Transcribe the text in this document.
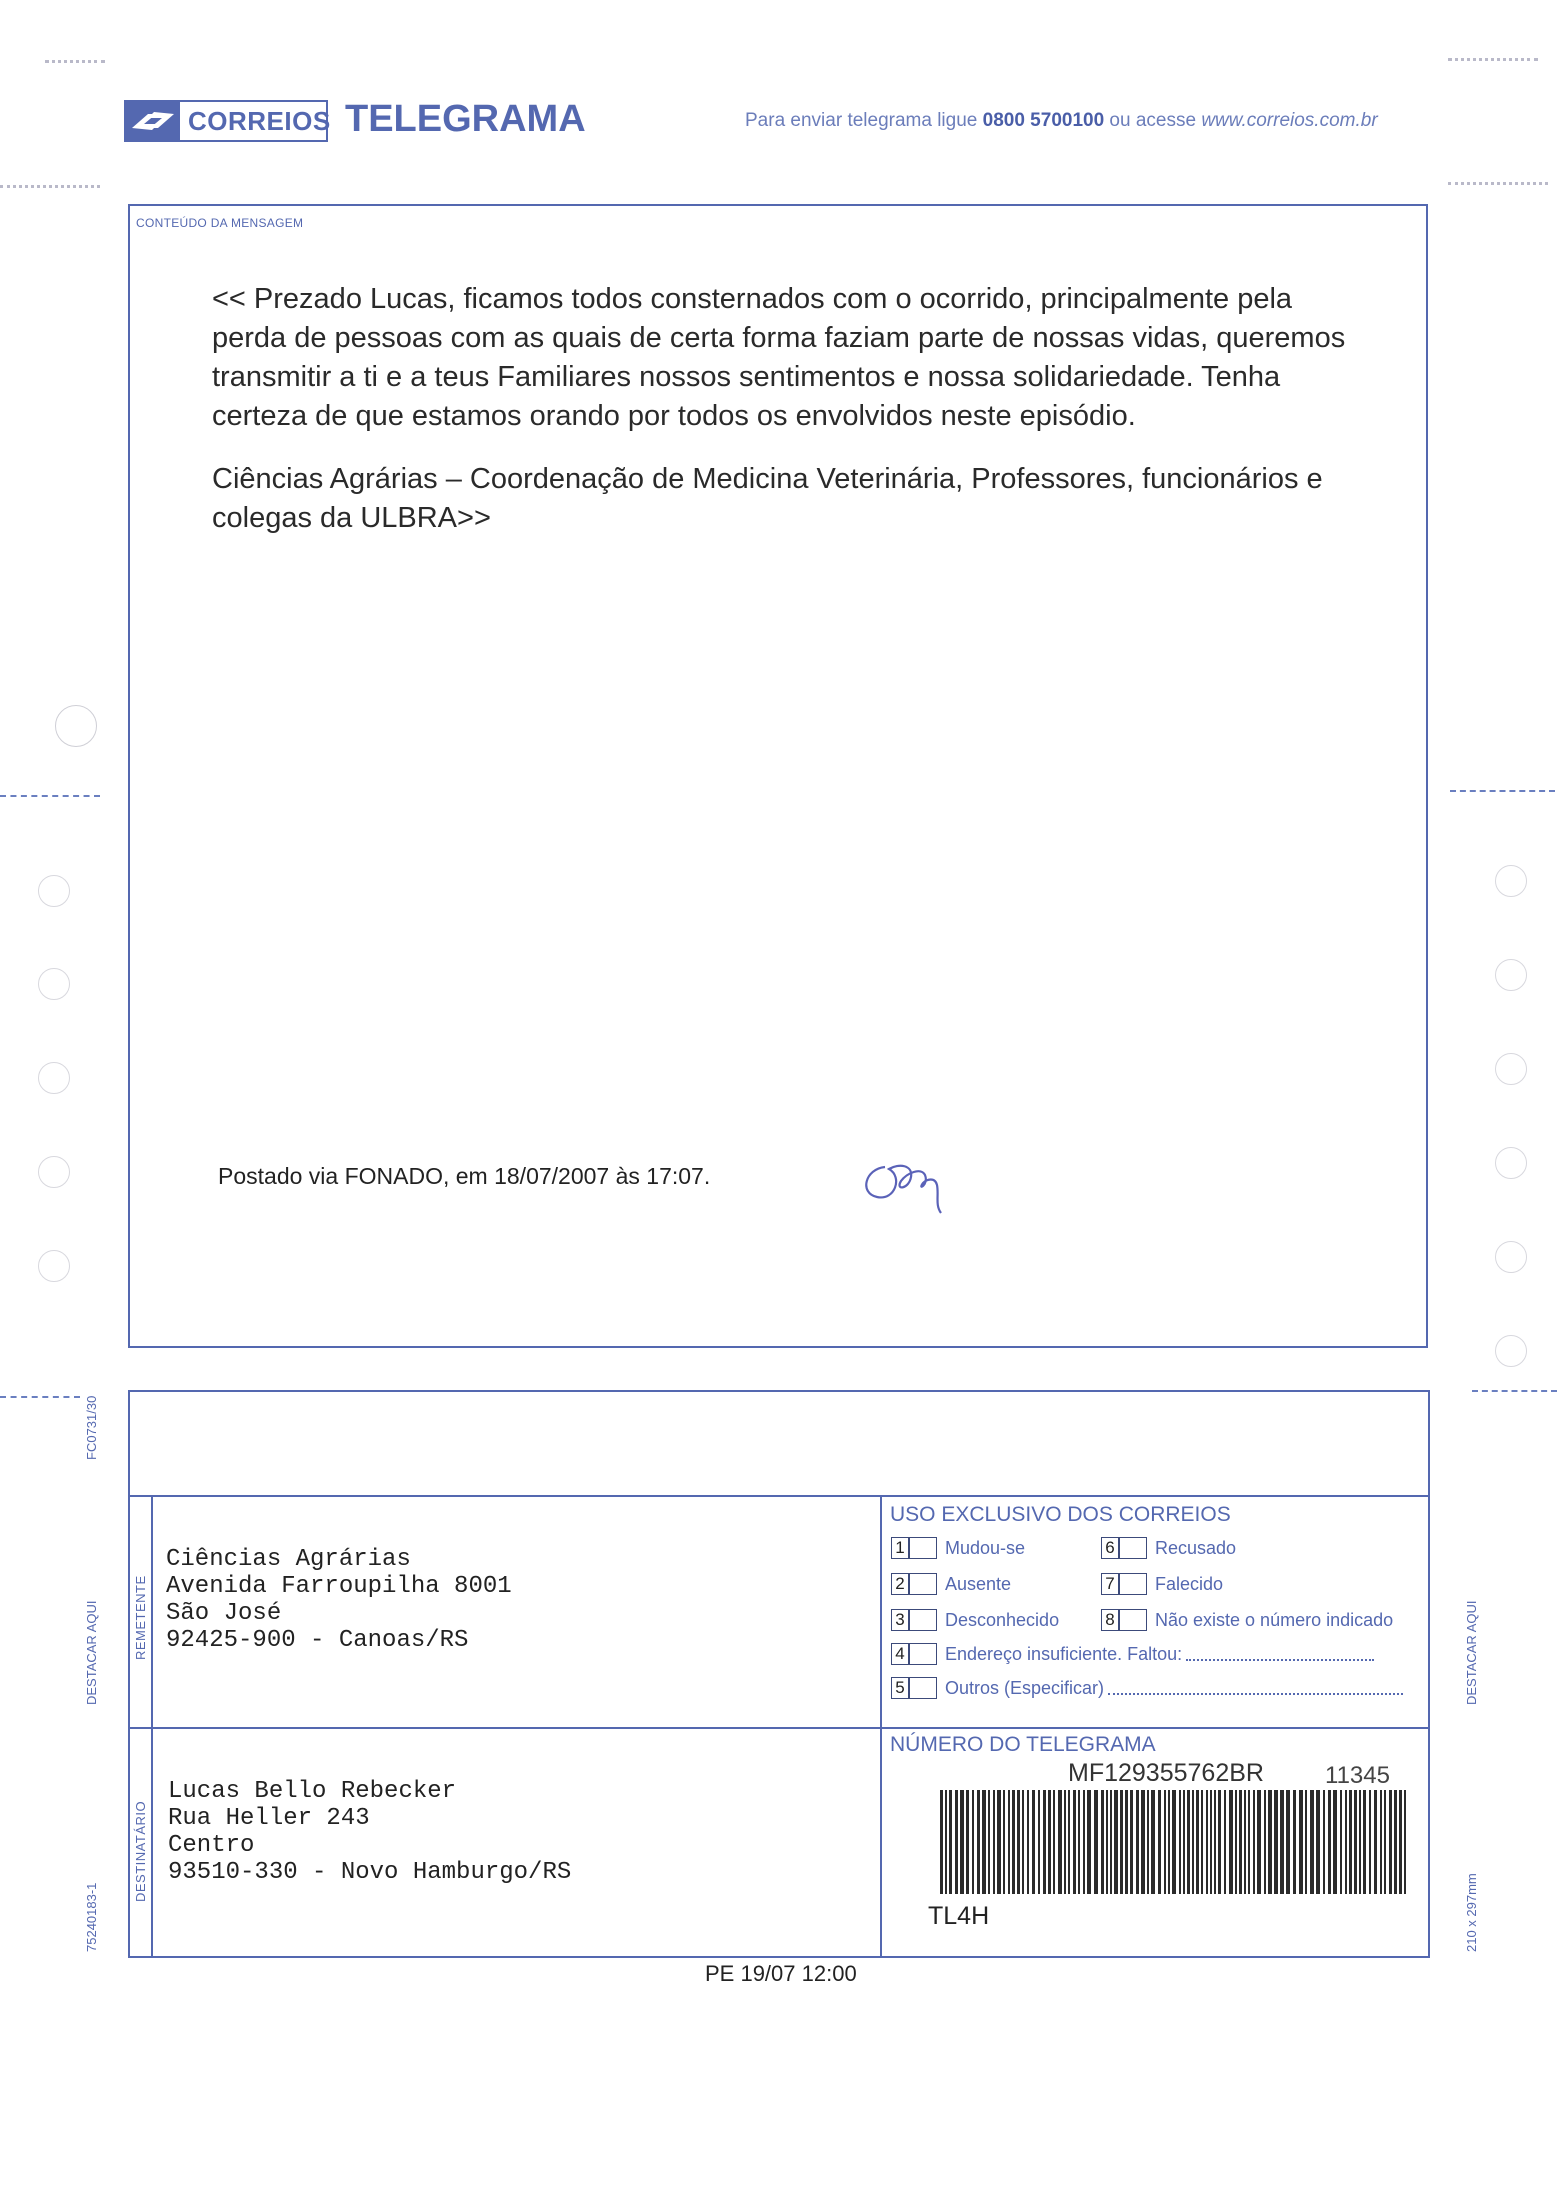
CORREIOS TELEGRAMA	Para enviar telegrama ligue 0800 5700100 ou acesse www.correios.com.br
CONTEÚDO DA MENSAGEM

<< Prezado Lucas, ficamos todos consternados com o ocorrido, principalmente pela perda de pessoas com as quais de certa forma faziam parte de nossas vidas, queremos transmitir a ti e a teus Familiares nossos sentimentos e nossa solidariedade. Tenha certeza de que estamos orando por todos os envolvidos neste episódio.

Ciências Agrárias – Coordenação de Medicina Veterinária, Professores, funcionários e colegas da ULBRA>>

Postado via FONADO, em 18/07/2007 às 17:07.
REMETENTE
Ciências Agrárias
Avenida Farroupilha 8001
São José
92425-900 - Canoas/RS
DESTINATÁRIO
Lucas Bello Rebecker
Rua Heller 243
Centro
93510-330 - Novo Hamburgo/RS
USO EXCLUSIVO DOS CORREIOS
1 Mudou-se	6 Recusado
2 Ausente	7 Falecido
3 Desconhecido	8 Não existe o número indicado
4 Endereço insuficiente. Faltou:
5 Outros (Especificar)
NÚMERO DO TELEGRAMA
MF129355762BR	11345
TL4H
PE 19/07 12:00
FC0731/30
DESTACAR AQUI	DESTACAR AQUI
75240183-1	210 x 297mm
